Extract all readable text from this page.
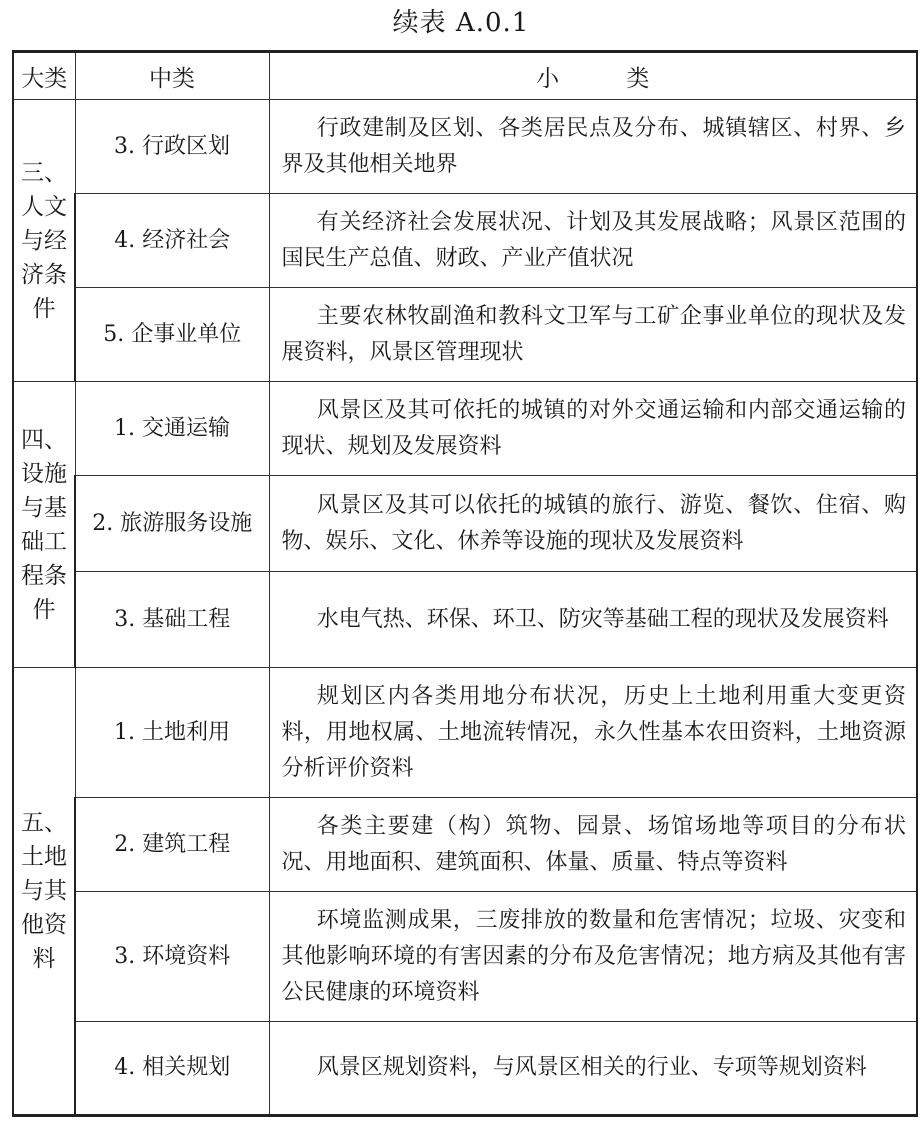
续表 A.0.1
大类	中类	小 类
三、人文与经济条件	3. 行政区划	行政建制及区划、各类居民点及分布、城镇辖区、村界、乡界及其他相关地界
	4. 经济社会	有关经济社会发展状况、计划及其发展战略；风景区范围的国民生产总值、财政、产业产值状况
	5. 企事业单位	主要农林牧副渔和教科文卫军与工矿企事业单位的现状及发展资料，风景区管理现状
四、设施与基础工程条件	1. 交通运输	风景区及其可依托的城镇的对外交通运输和内部交通运输的现状、规划及发展资料
	2. 旅游服务设施	风景区及其可以依托的城镇的旅行、游览、餐饮、住宿、购物、娱乐、文化、休养等设施的现状及发展资料
	3. 基础工程	水电气热、环保、环卫、防灾等基础工程的现状及发展资料
五、土地与其他资料	1. 土地利用	规划区内各类用地分布状况，历史上土地利用重大变更资料，用地权属、土地流转情况，永久性基本农田资料，土地资源分析评价资料
	2. 建筑工程	各类主要建（构）筑物、园景、场馆场地等项目的分布状况、用地面积、建筑面积、体量、质量、特点等资料
	3. 环境资料	环境监测成果，三废排放的数量和危害情况；垃圾、灾变和其他影响环境的有害因素的分布及危害情况；地方病及其他有害公民健康的环境资料
	4. 相关规划	风景区规划资料，与风景区相关的行业、专项等规划资料
